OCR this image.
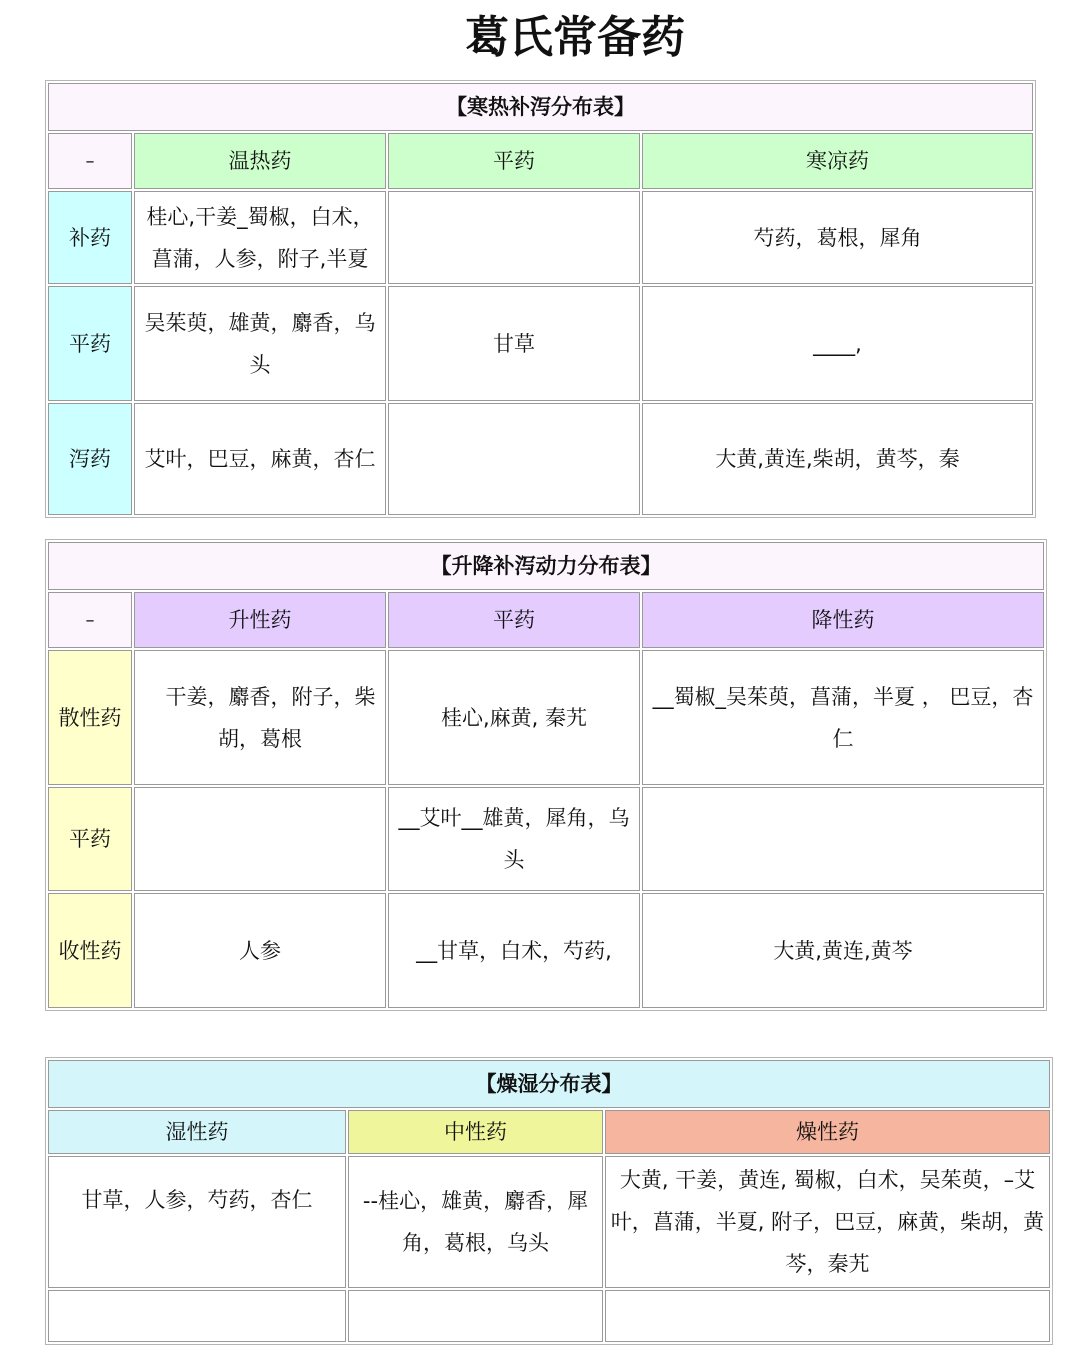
葛氏常备药
【寒热补泻分布表】			
–	温热药	平药	寒凉药
补药	桂心,干姜_蜀椒，白术，菖蒲，人参，附子,半夏		芍药，葛根，犀角
平药	吴茱萸，雄黄，麝香，乌头	甘草	____,
泻药	艾叶，巴豆，麻黄，杏仁		大黄,黄连,柴胡，黄芩，秦
【升降补泻动力分布表】			
–	升性药	平药	降性药
散性药	　干姜，麝香，附子，柴胡，葛根	桂心,麻黄, 秦艽	__蜀椒_吴茱萸，菖蒲，半夏 ， 巴豆，杏仁
平药		__艾叶__雄黄，犀角，乌头	
收性药	人参	__甘草，白术，芍药,	大黄,黄连,黄芩
【燥湿分布表】		
湿性药	中性药	燥性药
甘草，人参，芍药，杏仁	--桂心，雄黄，麝香，犀角，葛根，乌头	大黄, 干姜，黄连, 蜀椒，白术，吴茱萸，–艾叶，菖蒲，半夏, 附子，巴豆，麻黄，柴胡，黄芩，秦艽
